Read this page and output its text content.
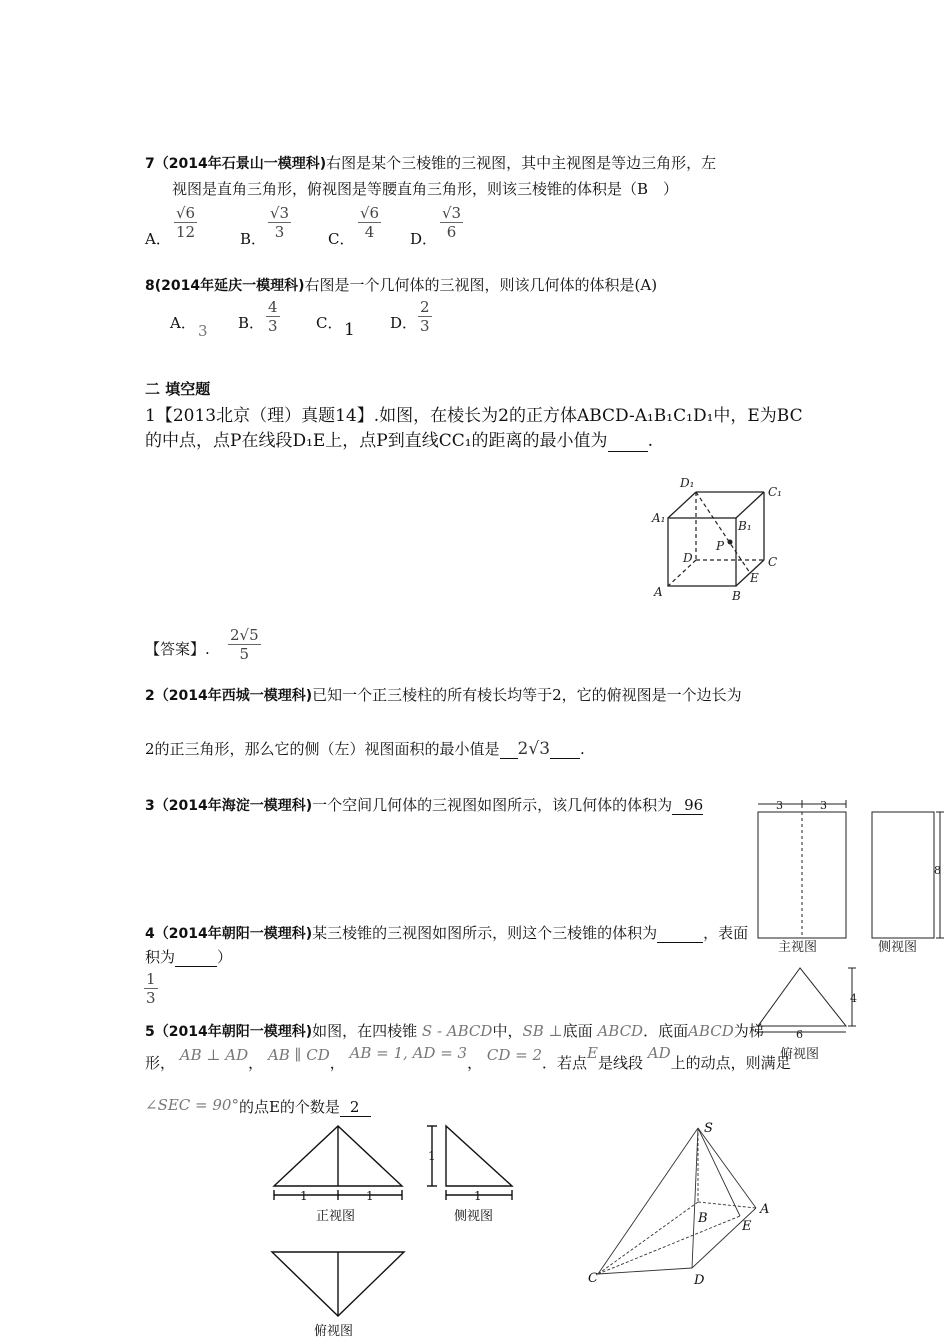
7（2014年石景山一模理科)右图是某个三棱锥的三视图，其中主视图是等边三角形，左
视图是直角三角形，俯视图是等腰直角三角形，则该三棱锥的体积是（B　）
A． $\frac{√6}{12}$	B． $\frac{√3}{3}$ C． $\frac{√6}{4}$ D． $\frac{√3}{6}$
8(2014年延庆一模理科)右图是一个几何体的三视图，则该几何体的体积是(A)
A． 3 B． $\frac{4}{3}$ C． 1 D． $\frac{2}{3}$
二 填空题
1【2013北京（理）真题14】.如图，在棱长为2的正方体ABCD-A₁B₁C₁D₁中，E为BC
的中点，点P在线段D₁E上，点P到直线CC₁的距离的最小值为 .
D₁
C₁
A₁
B₁
P
D	C
E
A	B
【答案】. $\frac{2√5}{5}$
2（2014年西城一模理科)已知一个正三棱柱的所有棱长均等于2，它的俯视图是一个边长为
2的正三角形，那么它的侧（左）视图面积的最小值是 2√3 .
3（2014年海淀一模理科)一个空间几何体的三视图如图所示，该几何体的体积为 96	3	3
8
4
6
主视图	侧视图
俯视图
4（2014年朝阳一模理科)某三棱锥的三视图如图所示，则这个三棱锥的体积为	，表面
积为	）
$\frac{1}{3}$
5（2014年朝阳一模理科)如图，在四棱锥 S - ABCD中，SB ⊥底面 ABCD．底面ABCD为梯
形， AB ⊥ AD， AB ∥ CD， AB = 1, AD = 3， CD = 2．若点E是线段 AD上的动点，则满足
∠SEC = 90°的点E的个数是 2
1	1
1
1
正视图	侧视图
俯视图
S
A
B
E
C	D
